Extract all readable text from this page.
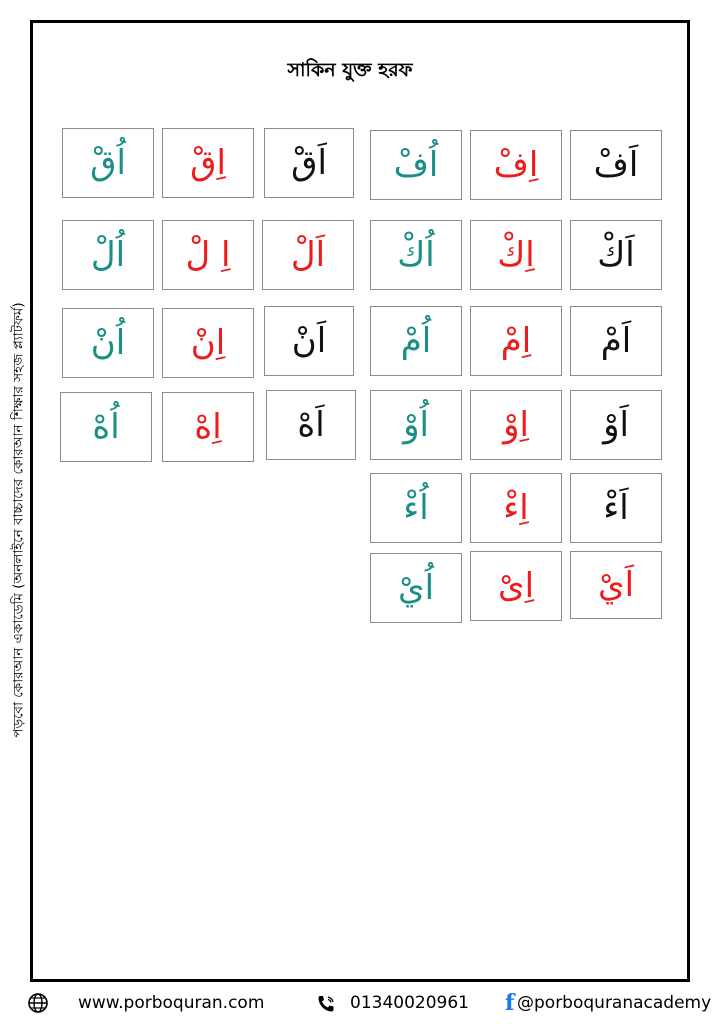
সাকিন যুক্ত হরফ
পড়বো কোরআন একাডেমি (অনলাইনে বাচ্চাদের কোরআন শিক্ষার সহজ প্ল্যাটফর্ম)
اَفْ
اِفْ
اُفْ
اَكْ
اِكْ
اُكْ
اَمْ
اِمْ
اُمْ
اَوْ
اِوْ
اُوْ
اَءْ
اِءْ
اُءْ
اَيْ
اِىْ
اُيْ
اَقْ
اِقْ
اُقْ
اَلْ
اِ لْ
اُلْ
اَنْ
اِنْ
اُنْ
اَهْ
اِهْ
اُهْ
www.porboquran.com	01340020961 f @porboquranacademy
